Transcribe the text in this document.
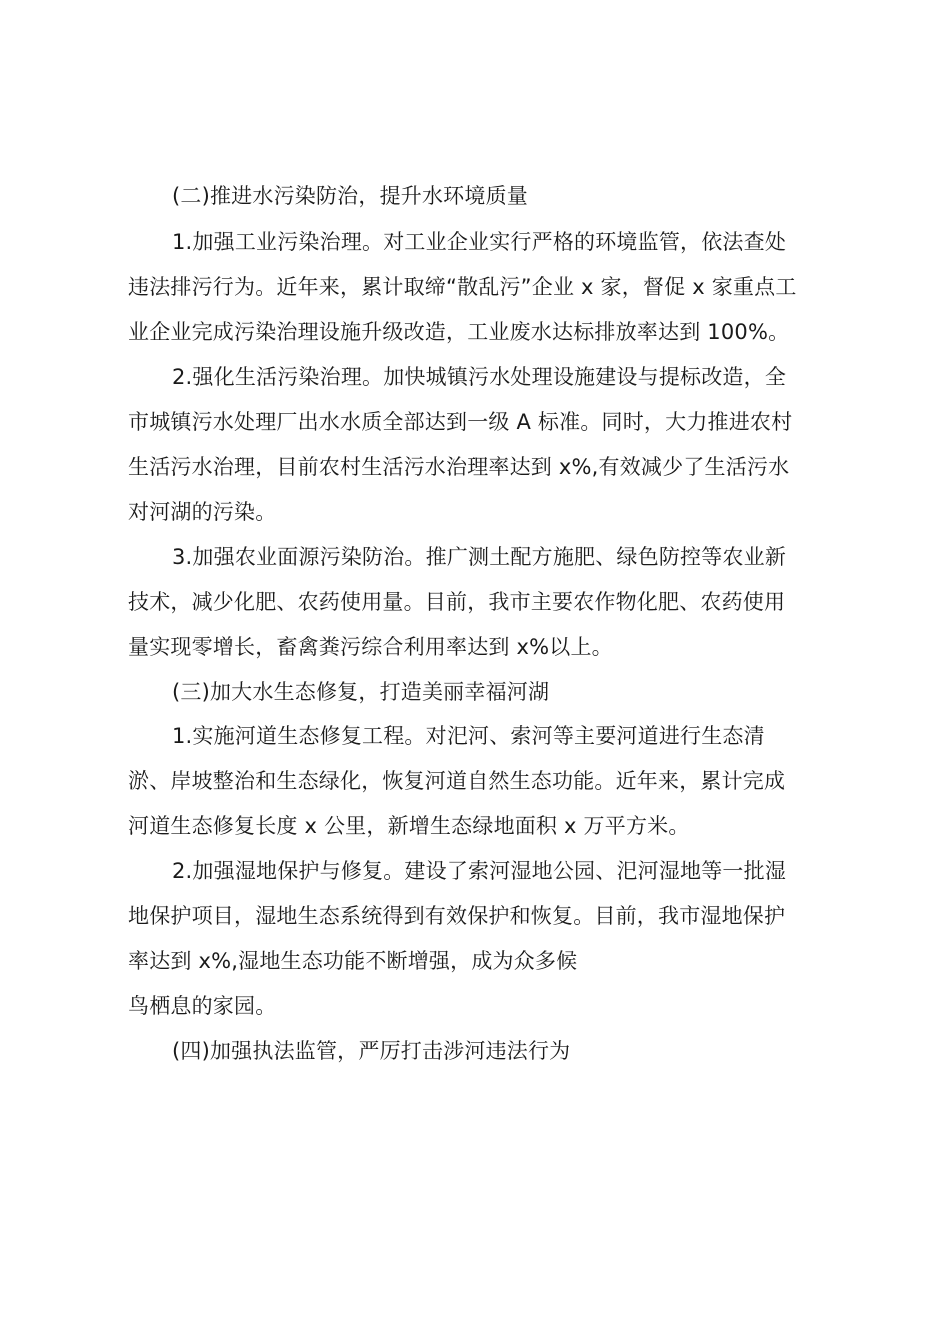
(二)推进水污染防治，提升水环境质量
1.加强工业污染治理。对工业企业实行严格的环境监管，依法查处
违法排污行为。近年来，累计取缔“散乱污”企业 x 家，督促 x 家重点工
业企业完成污染治理设施升级改造，工业废水达标排放率达到 100%。
2.强化生活污染治理。加快城镇污水处理设施建设与提标改造，全
市城镇污水处理厂出水水质全部达到一级 A 标准。同时，大力推进农村
生活污水治理，目前农村生活污水治理率达到 x%,有效减少了生活污水
对河湖的污染。
3.加强农业面源污染防治。推广测土配方施肥、绿色防控等农业新
技术，减少化肥、农药使用量。目前，我市主要农作物化肥、农药使用
量实现零增长，畜禽粪污综合利用率达到 x%以上。
(三)加大水生态修复，打造美丽幸福河湖
1.实施河道生态修复工程。对汜河、索河等主要河道进行生态清
淤、岸坡整治和生态绿化，恢复河道自然生态功能。近年来，累计完成
河道生态修复长度 x 公里，新增生态绿地面积 x 万平方米。
2.加强湿地保护与修复。建设了索河湿地公园、汜河湿地等一批湿
地保护项目，湿地生态系统得到有效保护和恢复。目前，我市湿地保护
率达到 x%,湿地生态功能不断增强，成为众多候
鸟栖息的家园。
(四)加强执法监管，严厉打击涉河违法行为
